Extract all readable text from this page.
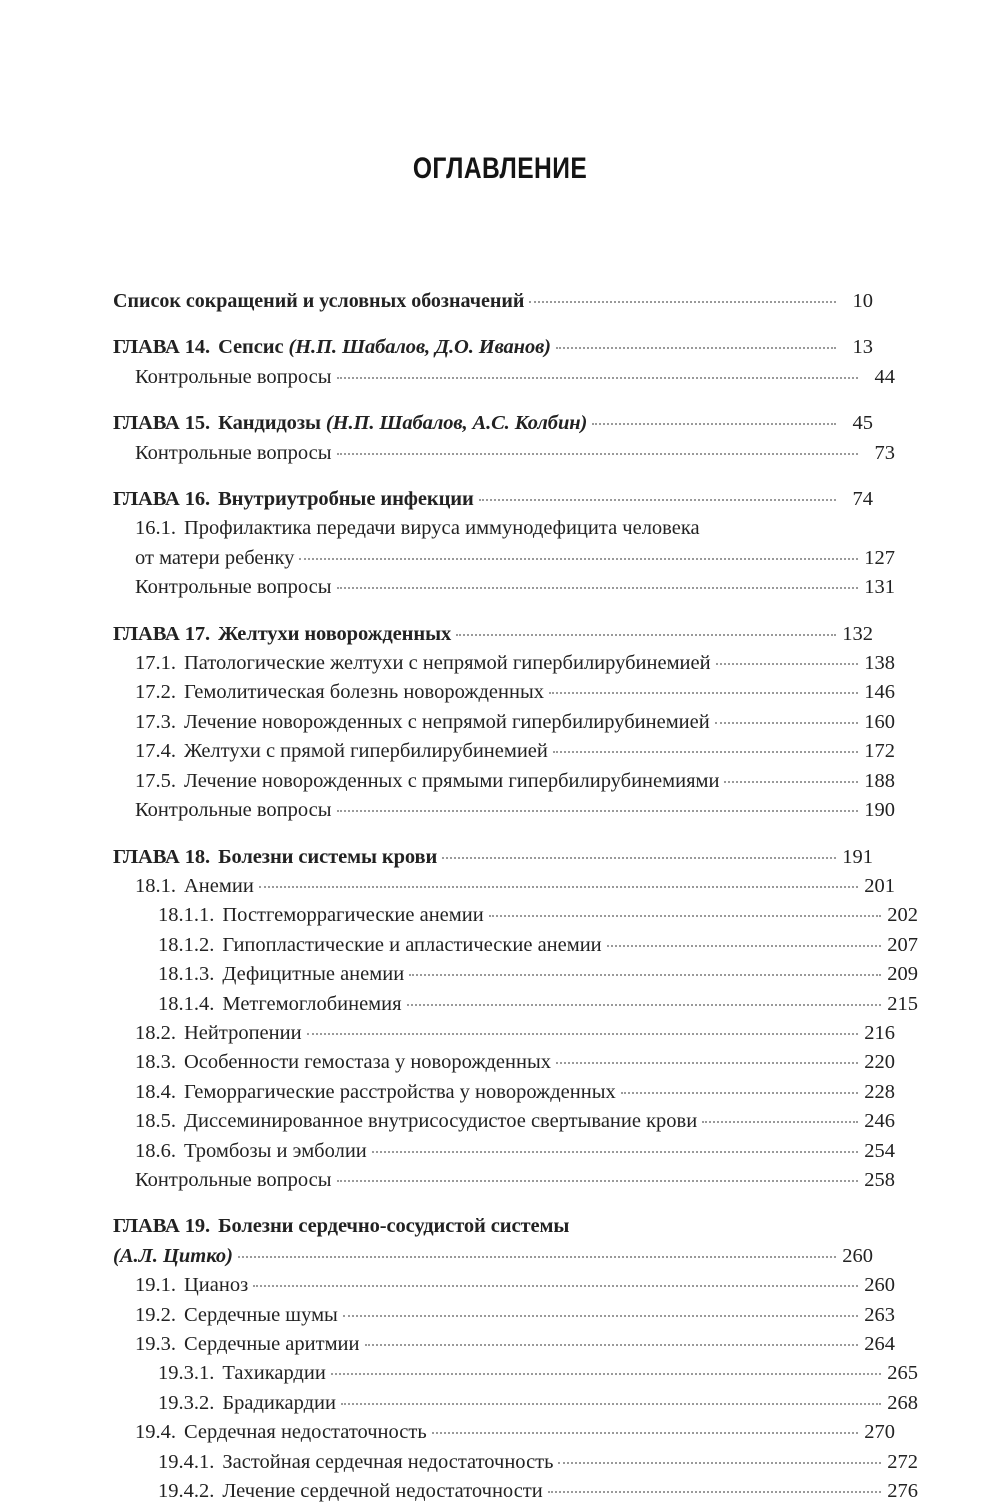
ОГЛАВЛЕНИЕ
Список сокращений и условных обозначений	10
ГЛАВА 14. Сепсис (Н.П. Шабалов, Д.О. Иванов)	13
Контрольные вопросы	44
ГЛАВА 15. Кандидозы (Н.П. Шабалов, А.С. Колбин)	45
Контрольные вопросы	73
ГЛАВА 16. Внутриутробные инфекции	74
16.1. Профилактика передачи вируса иммунодефицита человека
от матери ребенку	127
Контрольные вопросы	131
ГЛАВА 17. Желтухи новорожденных	132
17.1. Патологические желтухи с непрямой гипербилирубинемией	138
17.2. Гемолитическая болезнь новорожденных	146
17.3. Лечение новорожденных с непрямой гипербилирубинемией	160
17.4. Желтухи с прямой гипербилирубинемией	172
17.5. Лечение новорожденных с прямыми гипербилирубинемиями	188
Контрольные вопросы	190
ГЛАВА 18. Болезни системы крови	191
18.1. Анемии	201
18.1.1. Постгеморрагические анемии	202
18.1.2. Гипопластические и апластические анемии	207
18.1.3. Дефицитные анемии	209
18.1.4. Метгемоглобинемия	215
18.2. Нейтропении	216
18.3. Особенности гемостаза у новорожденных	220
18.4. Геморрагические расстройства у новорожденных	228
18.5. Диссеминированное внутрисосудистое свертывание крови	246
18.6. Тромбозы и эмболии	254
Контрольные вопросы	258
ГЛАВА 19. Болезни сердечно-сосудистой системы
(А.Л. Цитко)	260
19.1. Цианоз	260
19.2. Сердечные шумы	263
19.3. Сердечные аритмии	264
19.3.1. Тахикардии	265
19.3.2. Брадикардии	268
19.4. Сердечная недостаточность	270
19.4.1. Застойная сердечная недостаточность	272
19.4.2. Лечение сердечной недостаточности	276
